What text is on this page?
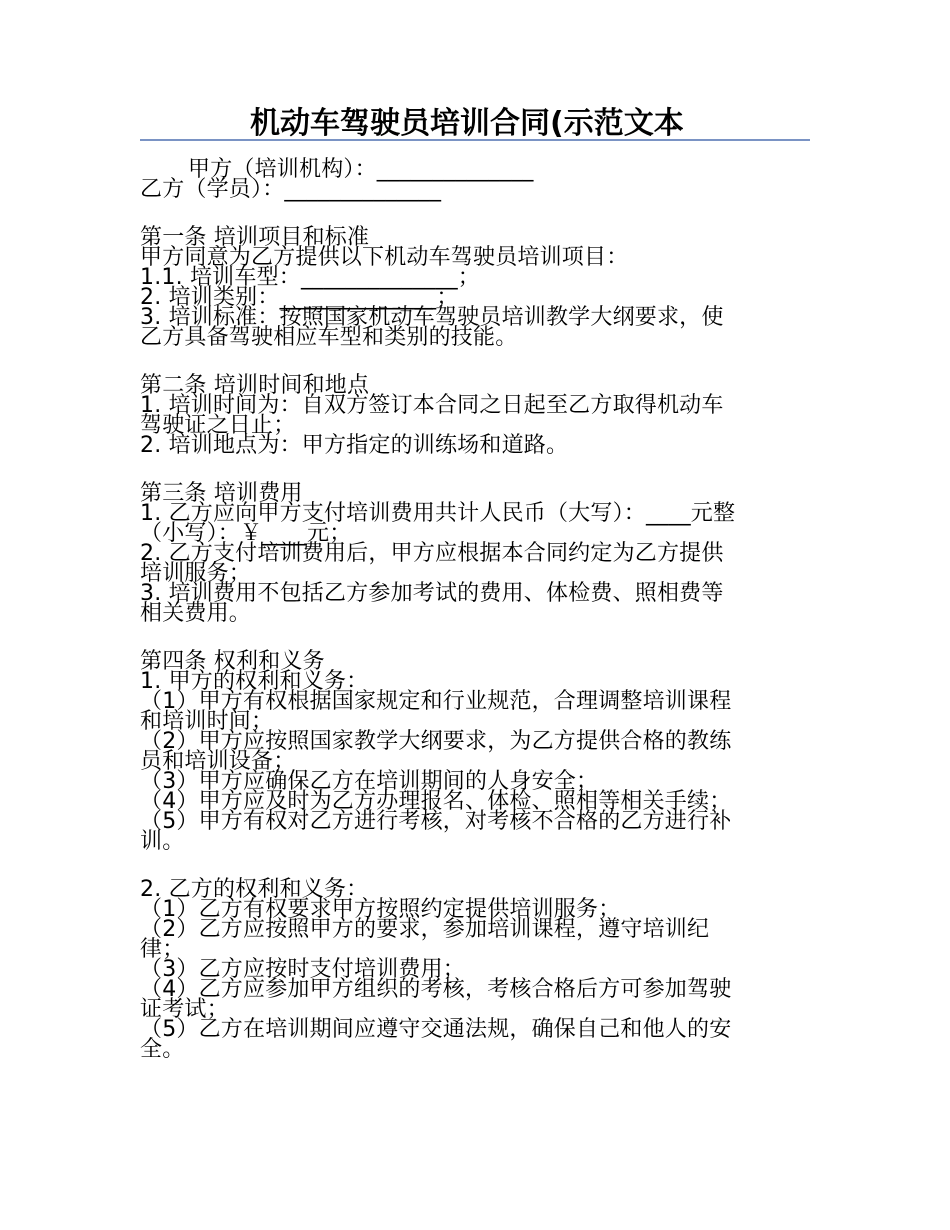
机动车驾驶员培训合同(示范文本
甲方（培训机构）：______________
乙方（学员）：______________
第一条 培训项目和标准
甲方同意为乙方提供以下机动车驾驶员培训项目：
1.1. 培训车型：______________；
2. 培训类别：______________；
3. 培训标准：按照国家机动车驾驶员培训教学大纲要求，使
乙方具备驾驶相应车型和类别的技能。
第二条 培训时间和地点
1. 培训时间为：自双方签订本合同之日起至乙方取得机动车
驾驶证之日止；
2. 培训地点为：甲方指定的训练场和道路。
第三条 培训费用
1. 乙方应向甲方支付培训费用共计人民币（大写）：____元整
（小写）：￥____元；
2. 乙方支付培训费用后，甲方应根据本合同约定为乙方提供
培训服务；
3. 培训费用不包括乙方参加考试的费用、体检费、照相费等
相关费用。
第四条 权利和义务
1. 甲方的权利和义务：
（1）甲方有权根据国家规定和行业规范，合理调整培训课程
和培训时间；
（2）甲方应按照国家教学大纲要求，为乙方提供合格的教练
员和培训设备；
（3）甲方应确保乙方在培训期间的人身安全；
（4）甲方应及时为乙方办理报名、体检、照相等相关手续；
（5）甲方有权对乙方进行考核，对考核不合格的乙方进行补
训。
2. 乙方的权利和义务：
（1）乙方有权要求甲方按照约定提供培训服务；
（2）乙方应按照甲方的要求，参加培训课程，遵守培训纪
律；
（3）乙方应按时支付培训费用；
（4）乙方应参加甲方组织的考核，考核合格后方可参加驾驶
证考试；
（5）乙方在培训期间应遵守交通法规，确保自己和他人的安
全。
